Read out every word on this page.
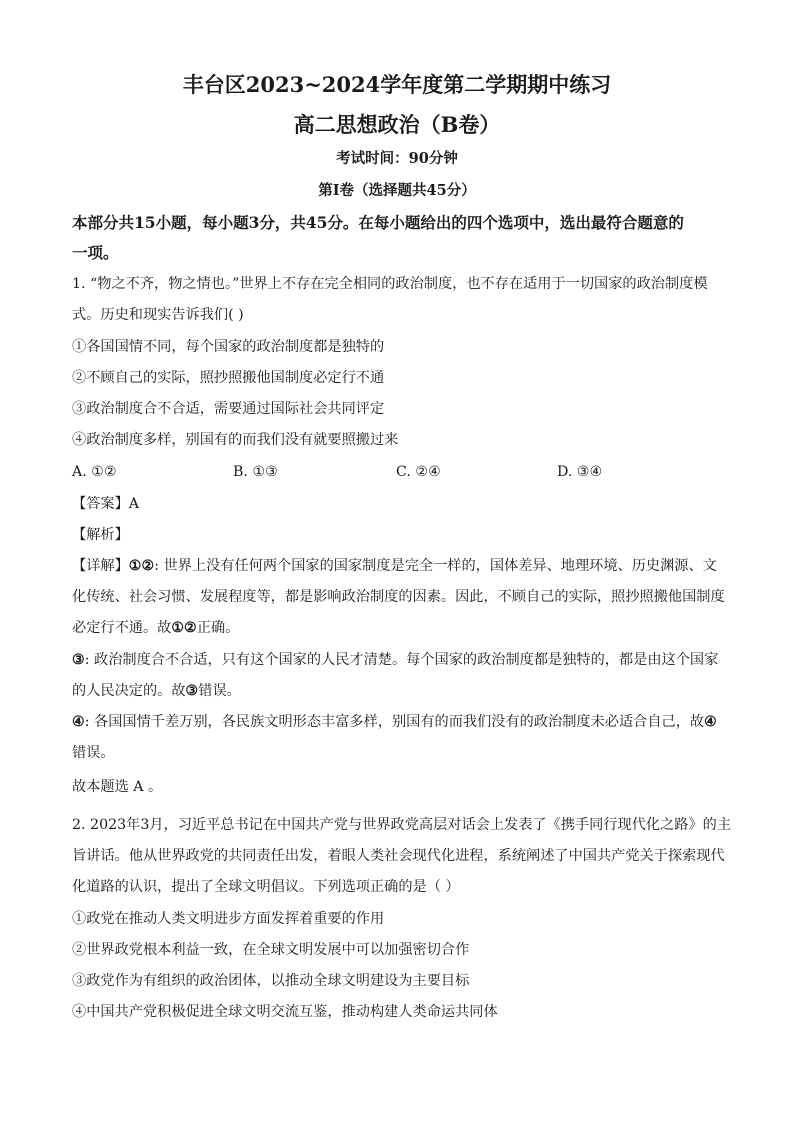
丰台区2023~2024学年度第二学期期中练习
高二思想政治（B卷）
考试时间：90分钟
第Ⅰ卷（选择题共45分）
本部分共15小题，每小题3分，共45分。在每小题给出的四个选项中，选出最符合题意的
一项。
1. “物之不齐，物之情也。”世界上不存在完全相同的政治制度，也不存在适用于一切国家的政治制度模
式。历史和现实告诉我们( )
①各国国情不同，每个国家的政治制度都是独特的
②不顾自己的实际，照抄照搬他国制度必定行不通
③政治制度合不合适，需要通过国际社会共同评定
④政治制度多样，别国有的而我们没有就要照搬过来
A. ①②	B. ①③	C. ②④	D. ③④
【答案】A
【解析】
【详解】①②: 世界上没有任何两个国家的国家制度是完全一样的，国体差异、地理环境、历史渊源、文
化传统、社会习惯、发展程度等，都是影响政治制度的因素。因此，不顾自己的实际，照抄照搬他国制度
必定行不通。故①②正确。
③: 政治制度合不合适，只有这个国家的人民才清楚。每个国家的政治制度都是独特的，都是由这个国家
的人民决定的。故③错误。
④: 各国国情千差万别，各民族文明形态丰富多样，别国有的而我们没有的政治制度未必适合自己，故④
错误。
故本题选 A 。
2. 2023年3月，习近平总书记在中国共产党与世界政党高层对话会上发表了《携手同行现代化之路》的主
旨讲话。他从世界政党的共同责任出发，着眼人类社会现代化进程，系统阐述了中国共产党关于探索现代
化道路的认识，提出了全球文明倡议。下列选项正确的是（ ）
①政党在推动人类文明进步方面发挥着重要的作用
②世界政党根本利益一致，在全球文明发展中可以加强密切合作
③政党作为有组织的政治团体，以推动全球文明建设为主要目标
④中国共产党积极促进全球文明交流互鉴，推动构建人类命运共同体
